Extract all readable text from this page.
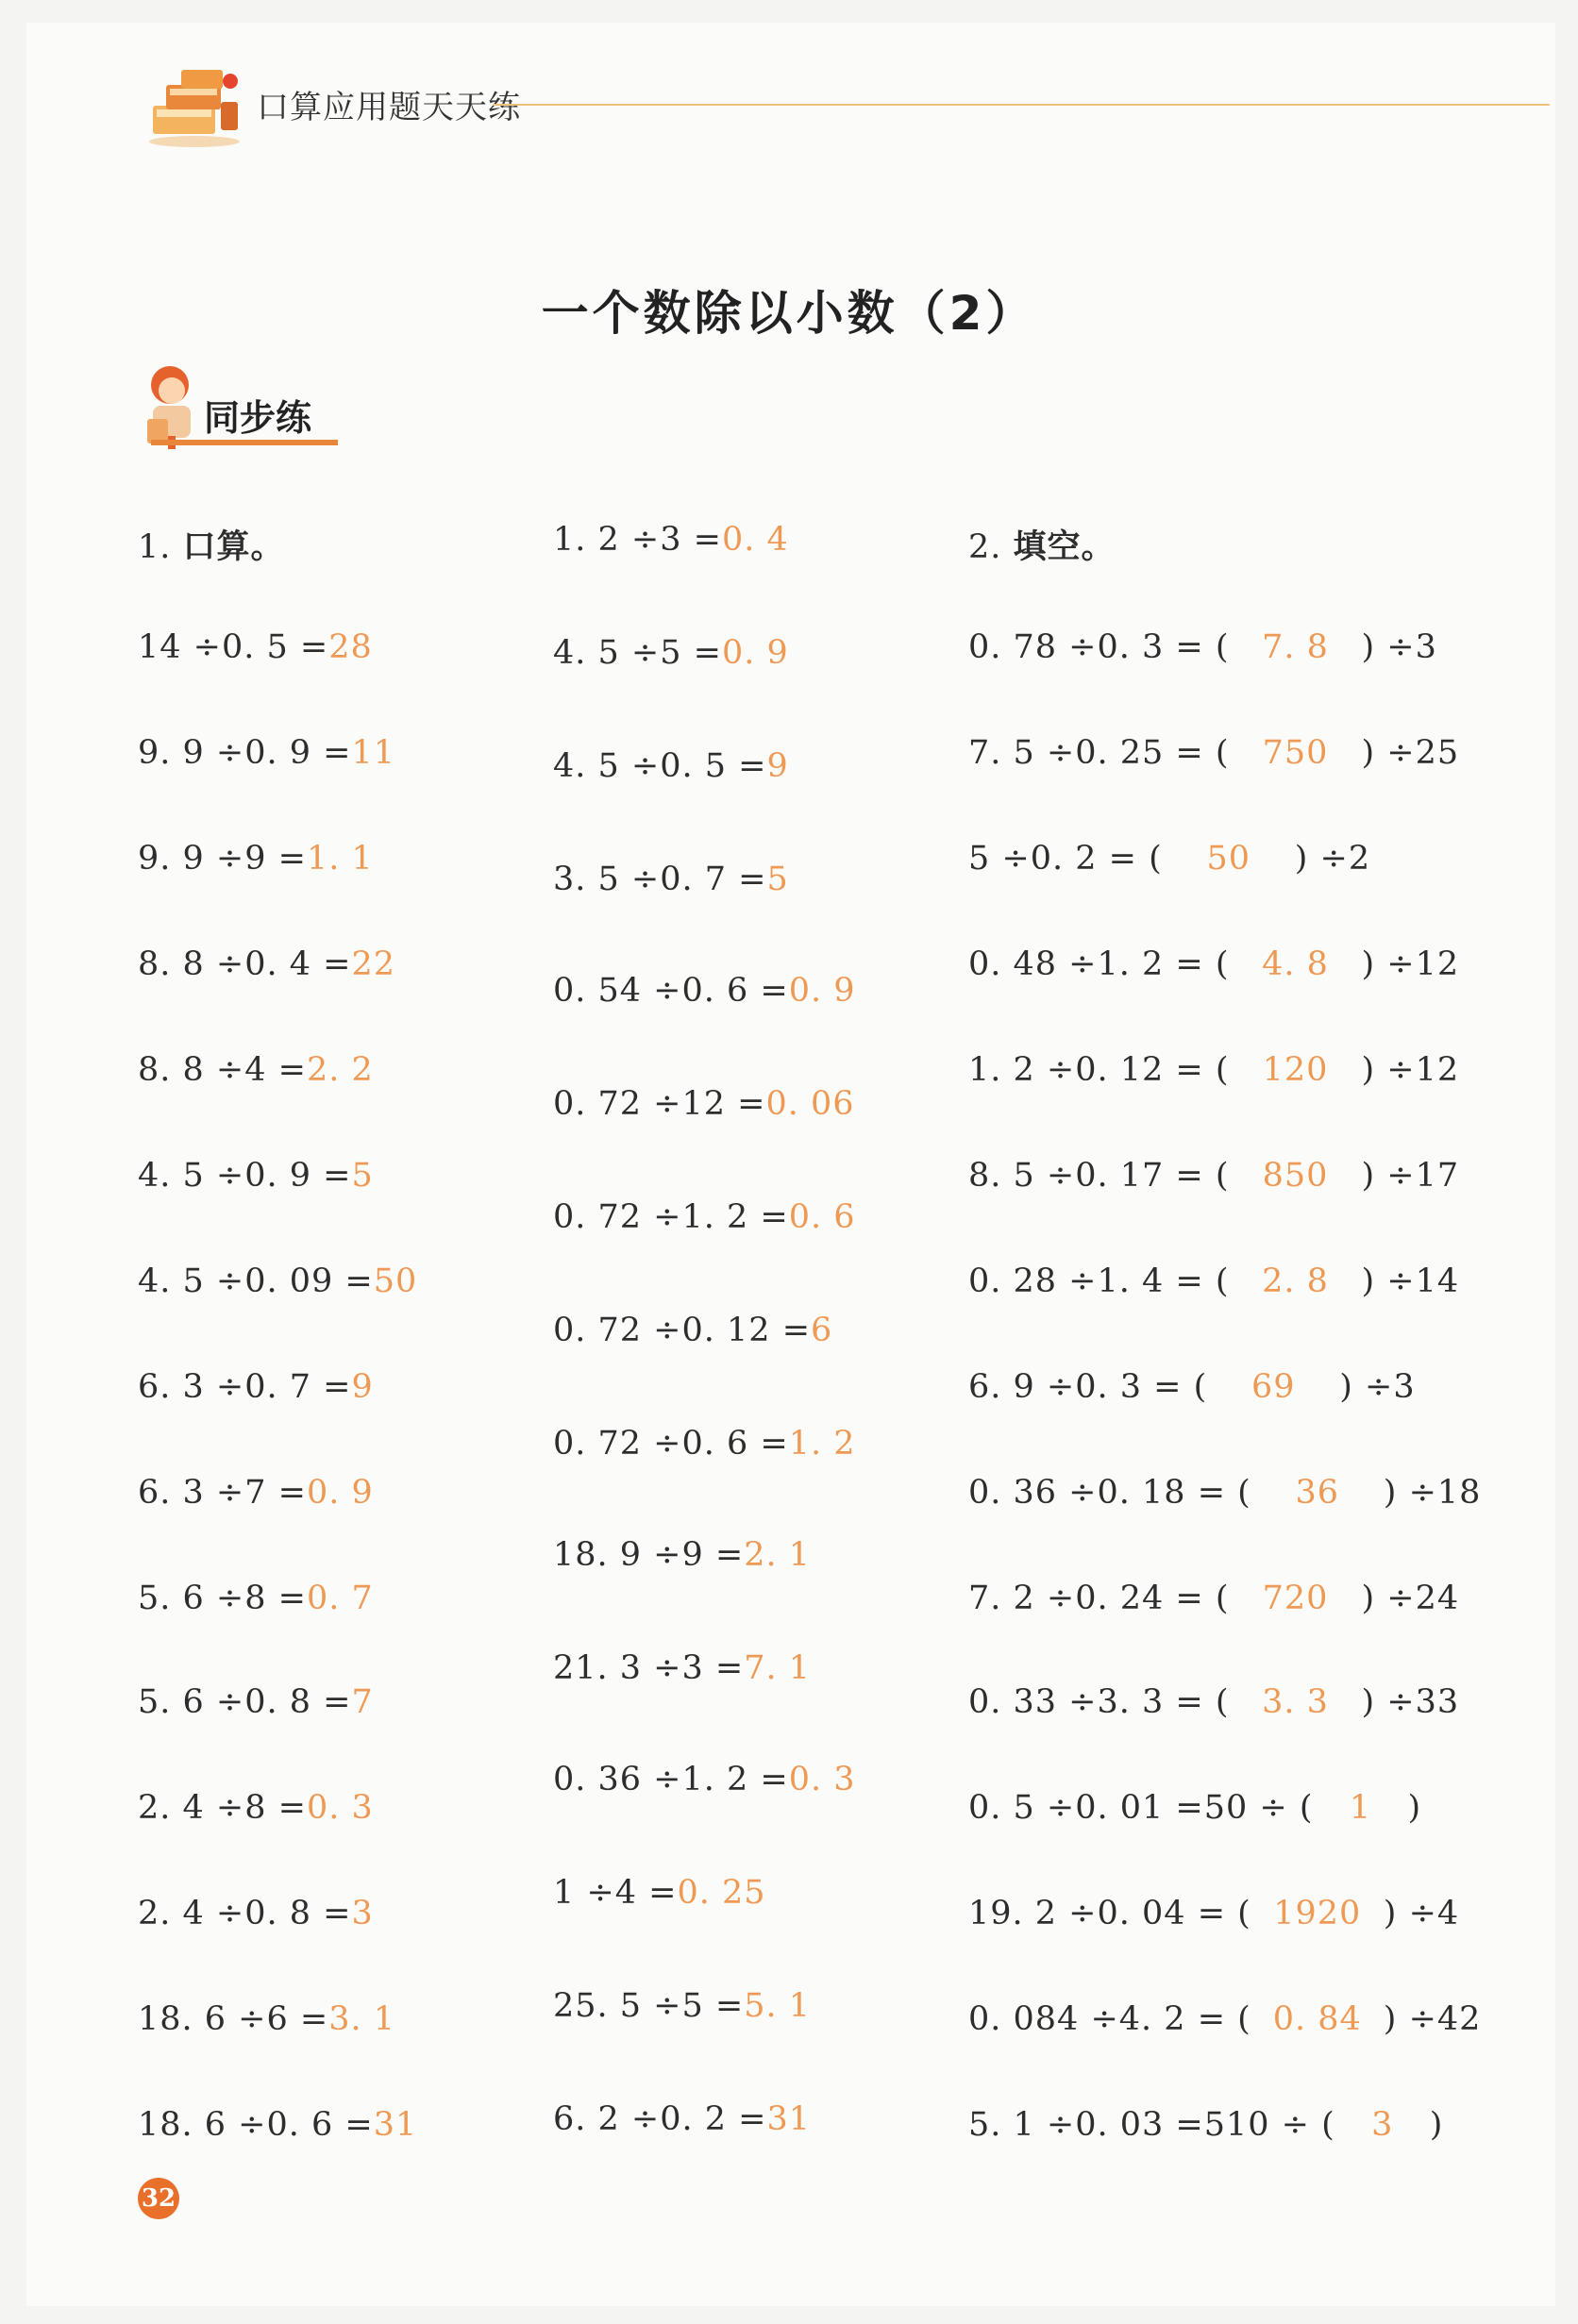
口算应用题天天练
一个数除以小数（2）
同步练
1. 口算。
14 ÷0. 5 =28
9. 9 ÷0. 9 =11
9. 9 ÷9 =1. 1
8. 8 ÷0. 4 =22
8. 8 ÷4 =2. 2
4. 5 ÷0. 9 =5
4. 5 ÷0. 09 =50
6. 3 ÷0. 7 =9
6. 3 ÷7 =0. 9
5. 6 ÷8 =0. 7
5. 6 ÷0. 8 =7
2. 4 ÷8 =0. 3
2. 4 ÷0. 8 =3
18. 6 ÷6 =3. 1
18. 6 ÷0. 6 =31
1. 2 ÷3 =0. 4
4. 5 ÷5 =0. 9
4. 5 ÷0. 5 =9
3. 5 ÷0. 7 =5
0. 54 ÷0. 6 =0. 9
0. 72 ÷12 =0. 06
0. 72 ÷1. 2 =0. 6
0. 72 ÷0. 12 =6
0. 72 ÷0. 6 =1. 2
18. 9 ÷9 =2. 1
21. 3 ÷3 =7. 1
0. 36 ÷1. 2 =0. 3
1 ÷4 =0. 25
25. 5 ÷5 =5. 1
6. 2 ÷0. 2 =31
2. 填空。
0. 78 ÷0. 3 = ( 7. 8 ) ÷3
7. 5 ÷0. 25 = ( 750 ) ÷25
5 ÷0. 2 = ( 50 ) ÷2
0. 48 ÷1. 2 = ( 4. 8 ) ÷12
1. 2 ÷0. 12 = ( 120 ) ÷12
8. 5 ÷0. 17 = ( 850 ) ÷17
0. 28 ÷1. 4 = ( 2. 8 ) ÷14
6. 9 ÷0. 3 = ( 69 ) ÷3
0. 36 ÷0. 18 = ( 36 ) ÷18
7. 2 ÷0. 24 = ( 720 ) ÷24
0. 33 ÷3. 3 = ( 3. 3 ) ÷33
0. 5 ÷0. 01 =50 ÷ ( 1 )
19. 2 ÷0. 04 = ( 1920 ) ÷4
0. 084 ÷4. 2 = ( 0. 84 ) ÷42
5. 1 ÷0. 03 =510 ÷ ( 3 )
32
